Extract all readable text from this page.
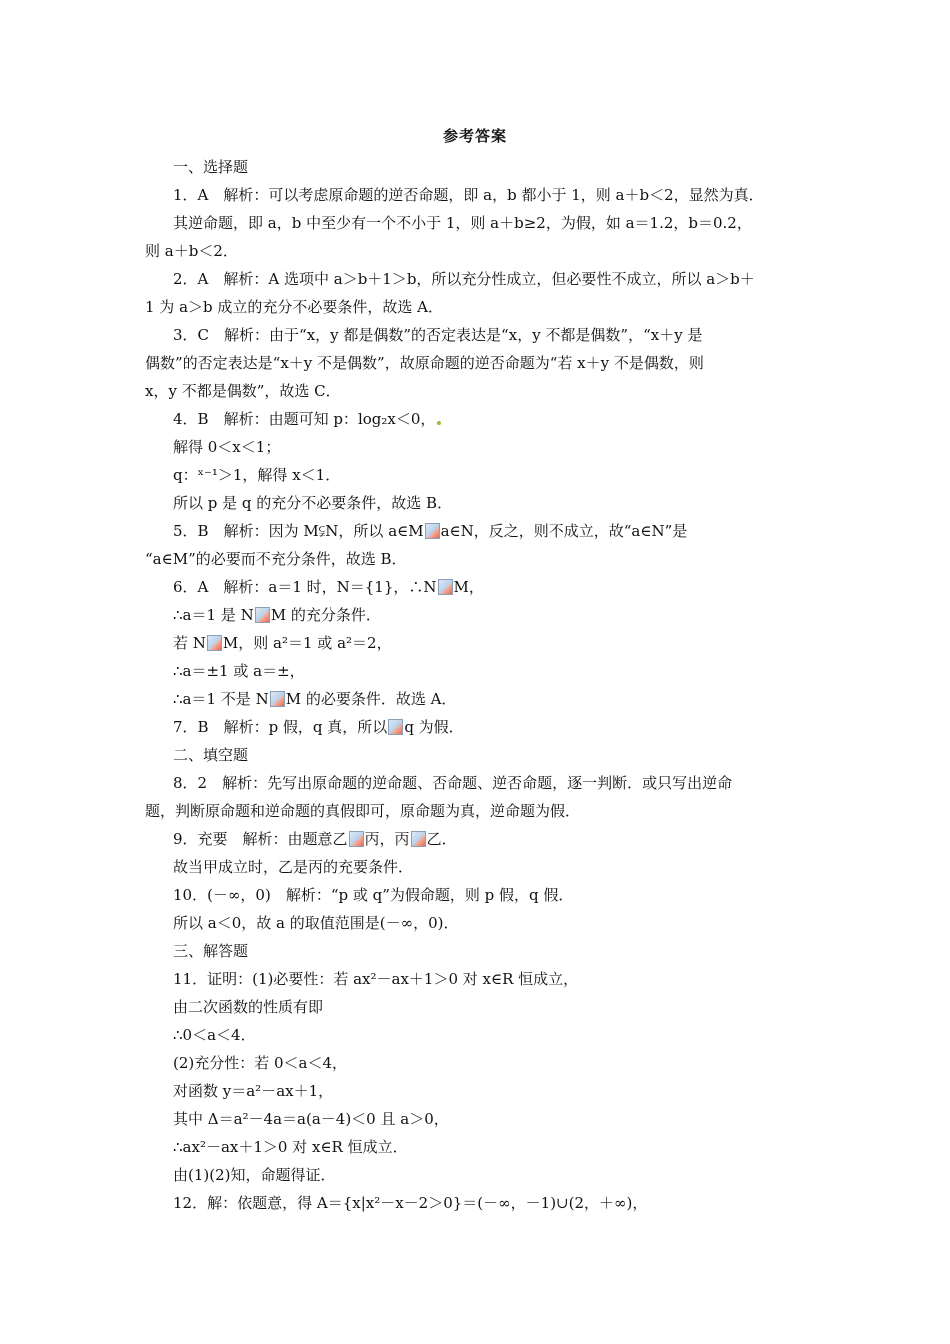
参考答案
一、选择题
1．A　解析：可以考虑原命题的逆否命题，即 a，b 都小于 1，则 a＋b＜2，显然为真．
其逆命题，即 a，b 中至少有一个不小于 1，则 a＋b≥2，为假，如 a＝1.2，b＝0.2，
则 a＋b＜2．
2．A　解析：A 选项中 a＞b＋1＞b，所以充分性成立，但必要性不成立，所以 a＞b＋
1 为 a＞b 成立的充分不必要条件，故选 A．
3．C　解析：由于“x，y 都是偶数”的否定表达是“x，y 不都是偶数”，“x＋y 是
偶数”的否定表达是“x＋y 不是偶数”，故原命题的逆否命题为“若 x＋y 不是偶数，则
x，y 不都是偶数”，故选 C．
4．B　解析：由题可知 p：log₂x＜0，
解得 0＜x＜1；
q：ˣ⁻¹＞1，解得 x＜1．
所以 p 是 q 的充分不必要条件，故选 B．
5．B　解析：因为 M⫋N，所以 a∈M a∈N，反之，则不成立，故“a∈N”是
“a∈M”的必要而不充分条件，故选 B．
6．A　解析：a＝1 时，N＝{1}，∴N M，
∴a＝1 是 N M 的充分条件．
若 N M，则 a²＝1 或 a²＝2，
∴a＝±1 或 a＝±，
∴a＝1 不是 N M 的必要条件．故选 A．
7．B　解析：p 假，q 真，所以 q 为假．
二、填空题
8．2　解析：先写出原命题的逆命题、否命题、逆否命题，逐一判断．或只写出逆命
题，判断原命题和逆命题的真假即可，原命题为真，逆命题为假．
9．充要　解析：由题意乙 丙，丙 乙．
故当甲成立时，乙是丙的充要条件．
10．(－∞，0)　解析：“p 或 q”为假命题，则 p 假，q 假．
所以 a＜0，故 a 的取值范围是(－∞，0)．
三、解答题
11．证明：(1)必要性：若 ax²－ax＋1＞0 对 x∈R 恒成立，
由二次函数的性质有即
∴0＜a＜4．
(2)充分性：若 0＜a＜4，
对函数 y＝a²－ax＋1，
其中 Δ＝a²－4a＝a(a－4)＜0 且 a＞0，
∴ax²－ax＋1＞0 对 x∈R 恒成立．
由(1)(2)知，命题得证．
12．解：依题意，得 A＝{x|x²－x－2＞0}＝(－∞，－1)∪(2，＋∞)，
